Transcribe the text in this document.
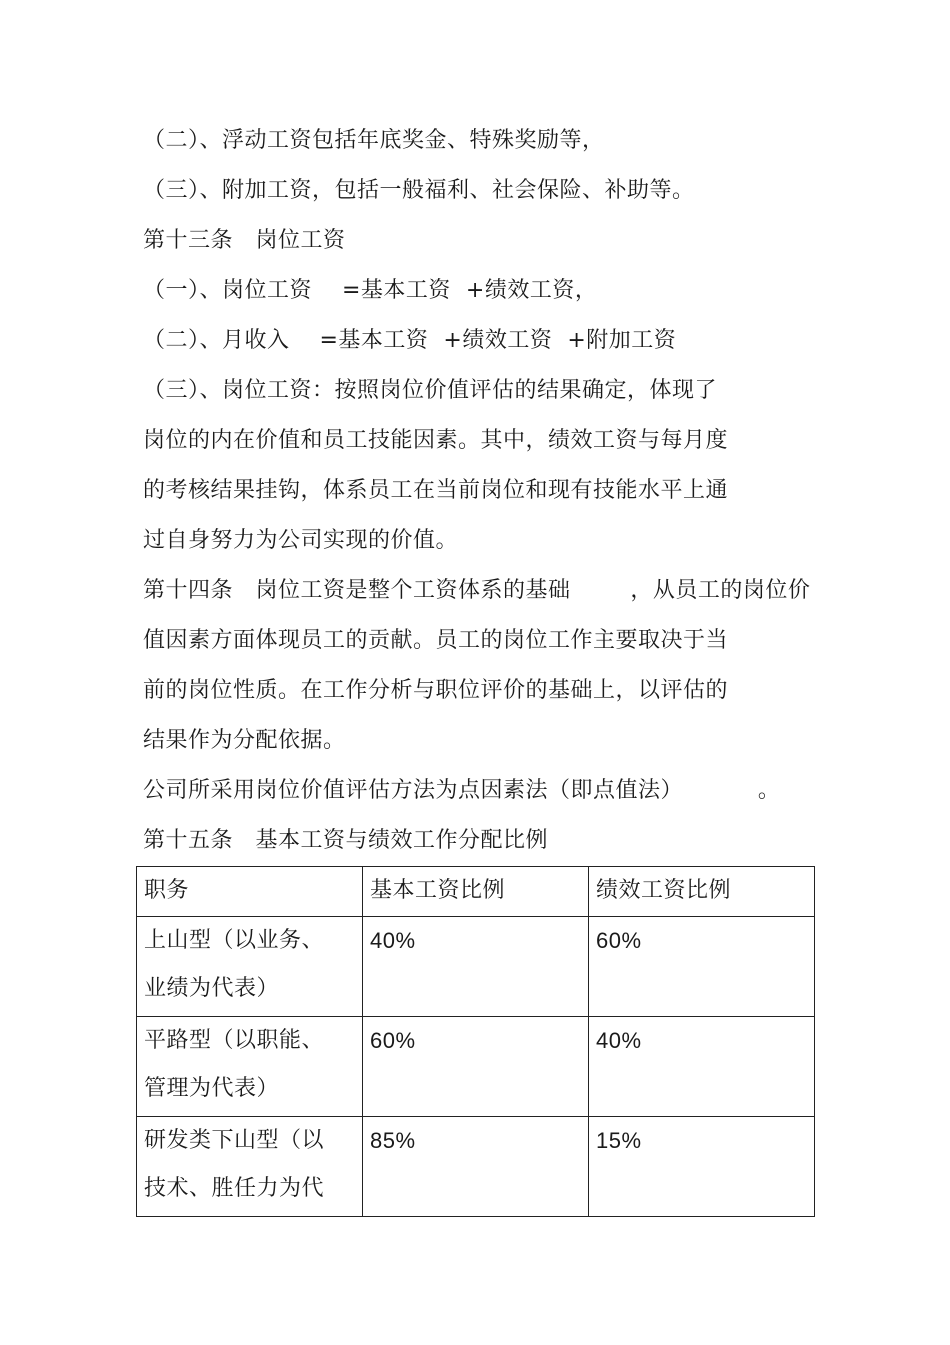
（二）、浮动工资包括年底奖金、特殊奖励等，
（三）、附加工资，包括一般福利、社会保险、补助等。
第十三条   岗位工资
（一）、岗位工资    =基本工资  +绩效工资，
（二）、月收入    =基本工资  +绩效工资  +附加工资
（三）、岗位工资：按照岗位价值评估的结果确定，体现了
岗位的内在价值和员工技能因素。其中，绩效工资与每月度
的考核结果挂钩，体系员工在当前岗位和现有技能水平上通
过自身努力为公司实现的价值。
第十四条   岗位工资是整个工资体系的基础        ，从员工的岗位价
值因素方面体现员工的贡献。员工的岗位工作主要取决于当
前的岗位性质。在工作分析与职位评价的基础上，以评估的
结果作为分配依据。
公司所采用岗位价值评估方法为点因素法（即点值法）          。
第十五条   基本工资与绩效工作分配比例
职务	基本工资比例	绩效工资比例

上山型（以业务、
业绩为代表）	40%	60%

平路型（以职能、
管理为代表）	60%	40%

研发类下山型（以
技术、胜任力为代	85%	15%
